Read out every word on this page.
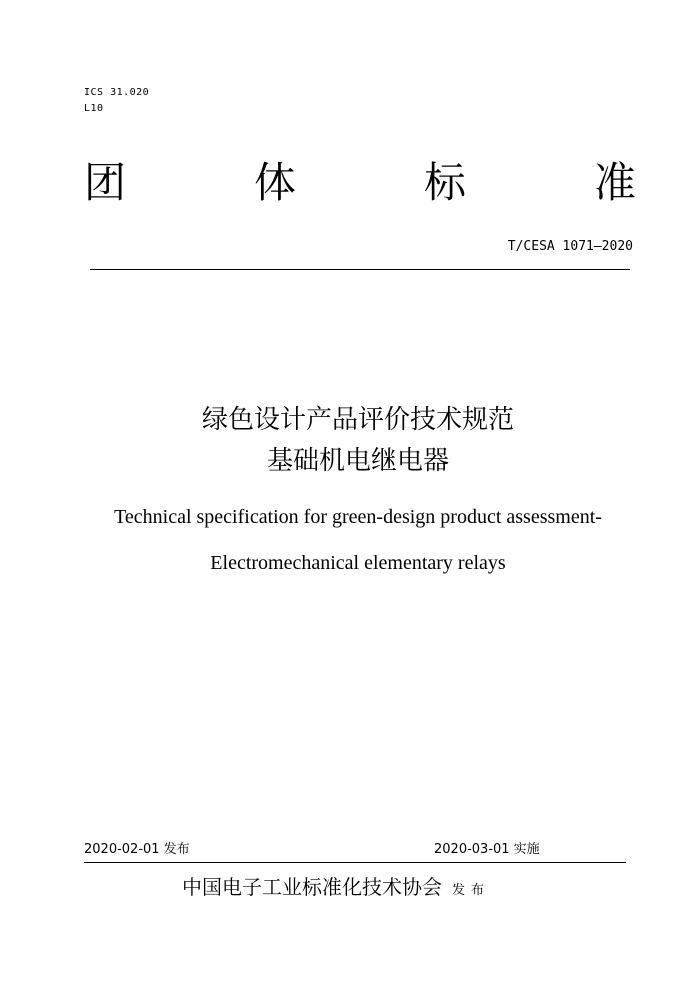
ICS 31.020
L10
团	体	标	准
T/CESA 1071—2020
绿色设计产品评价技术规范
基础机电继电器
Technical specification for green-design product assessment-
Electromechanical elementary relays
2020-02-01 发布	2020-03-01 实施
中国电子工业标准化技术协会 发布
